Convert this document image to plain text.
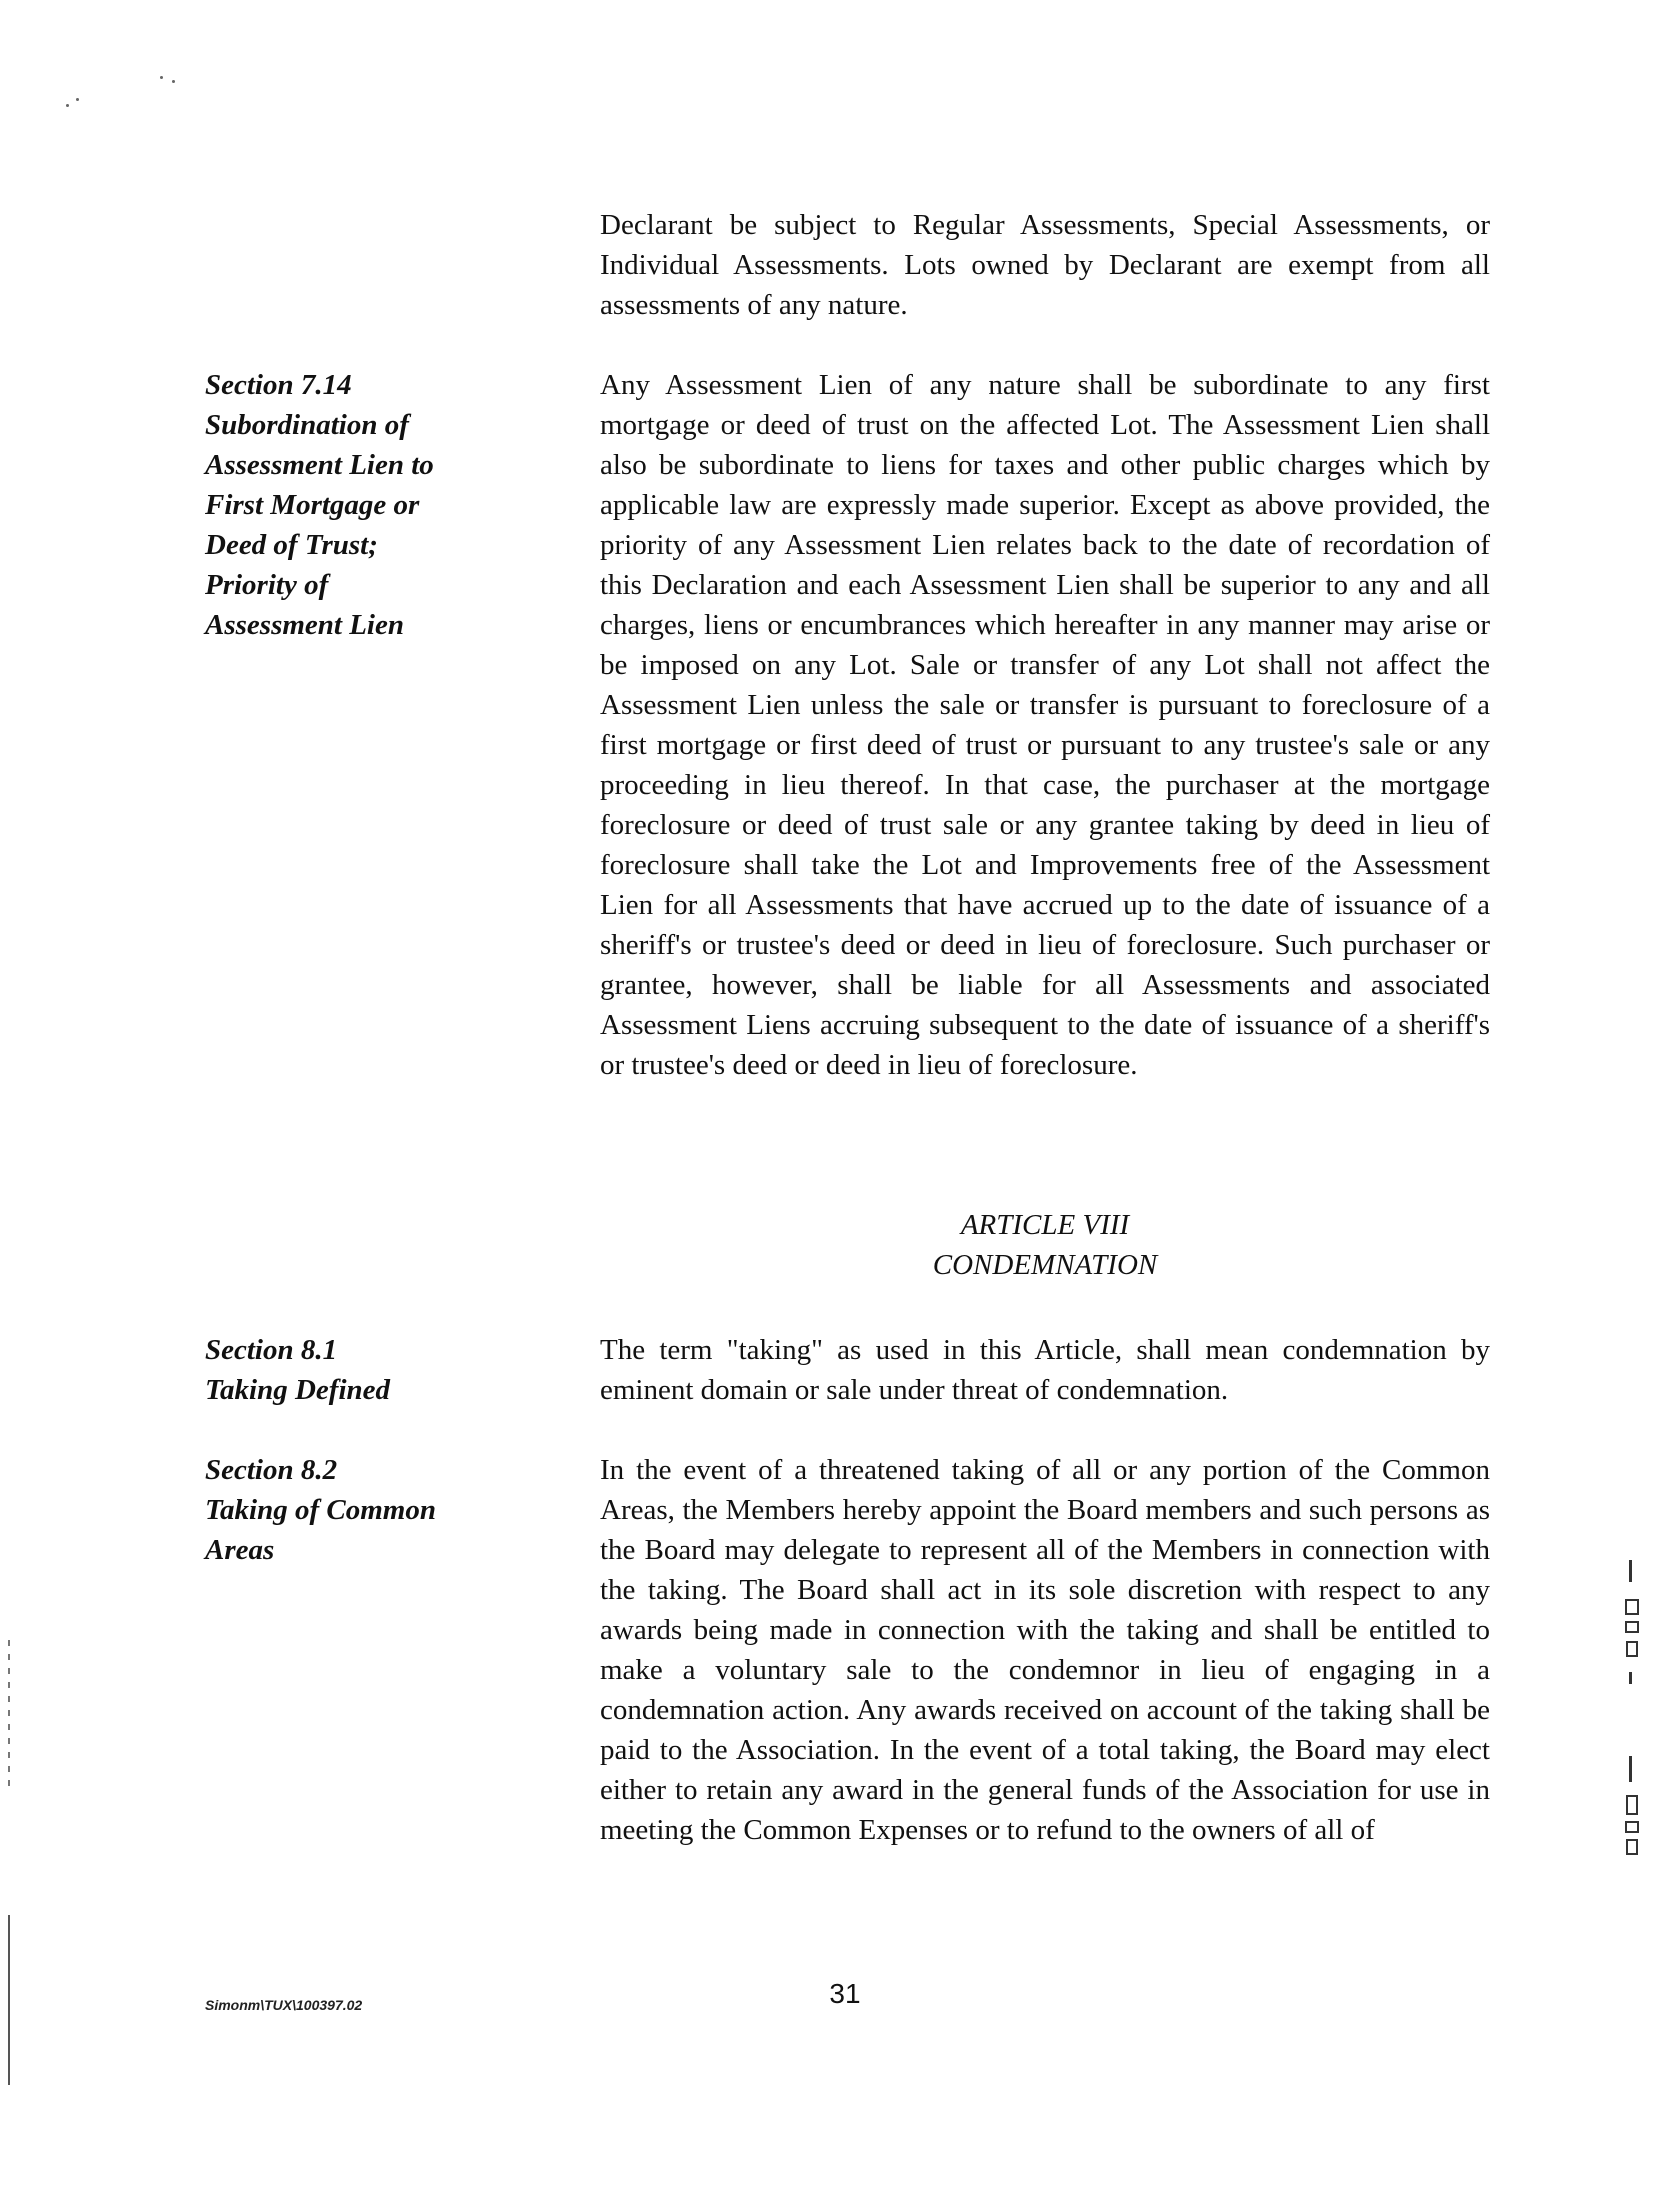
Declarant be subject to Regular Assessments, Special Assessments, or Individual Assessments. Lots owned by Declarant are exempt from all assessments of any nature.

Section 7.14
Subordination of
Assessment Lien to
First Mortgage or
Deed of Trust;
Priority of
Assessment Lien

Any Assessment Lien of any nature shall be subordinate to any first mortgage or deed of trust on the affected Lot. The Assessment Lien shall also be subordinate to liens for taxes and other public charges which by applicable law are expressly made superior. Except as above provided, the priority of any Assessment Lien relates back to the date of recordation of this Declaration and each Assessment Lien shall be superior to any and all charges, liens or encumbrances which hereafter in any manner may arise or be imposed on any Lot. Sale or transfer of any Lot shall not affect the Assessment Lien unless the sale or transfer is pursuant to foreclosure of a first mortgage or first deed of trust or pursuant to any trustee's sale or any proceeding in lieu thereof. In that case, the purchaser at the mortgage foreclosure or deed of trust sale or any grantee taking by deed in lieu of foreclosure shall take the Lot and Improvements free of the Assessment Lien for all Assessments that have accrued up to the date of issuance of a sheriff's or trustee's deed or deed in lieu of foreclosure. Such purchaser or grantee, however, shall be liable for all Assessments and associated Assessment Liens accruing subsequent to the date of issuance of a sheriff's or trustee's deed or deed in lieu of foreclosure.

ARTICLE VIII
CONDEMNATION
Section 8.1
Taking Defined

The term "taking" as used in this Article, shall mean condemnation by eminent domain or sale under threat of condemnation.

Section 8.2
Taking of Common
Areas

In the event of a threatened taking of all or any portion of the Common Areas, the Members hereby appoint the Board members and such persons as the Board may delegate to represent all of the Members in connection with the taking. The Board shall act in its sole discretion with respect to any awards being made in connection with the taking and shall be entitled to make a voluntary sale to the condemnor in lieu of engaging in a condemnation action. Any awards received on account of the taking shall be paid to the Association. In the event of a total taking, the Board may elect either to retain any award in the general funds of the Association for use in meeting the Common Expenses or to refund to the owners of all of

Simonm\TUX\100397.02	31
